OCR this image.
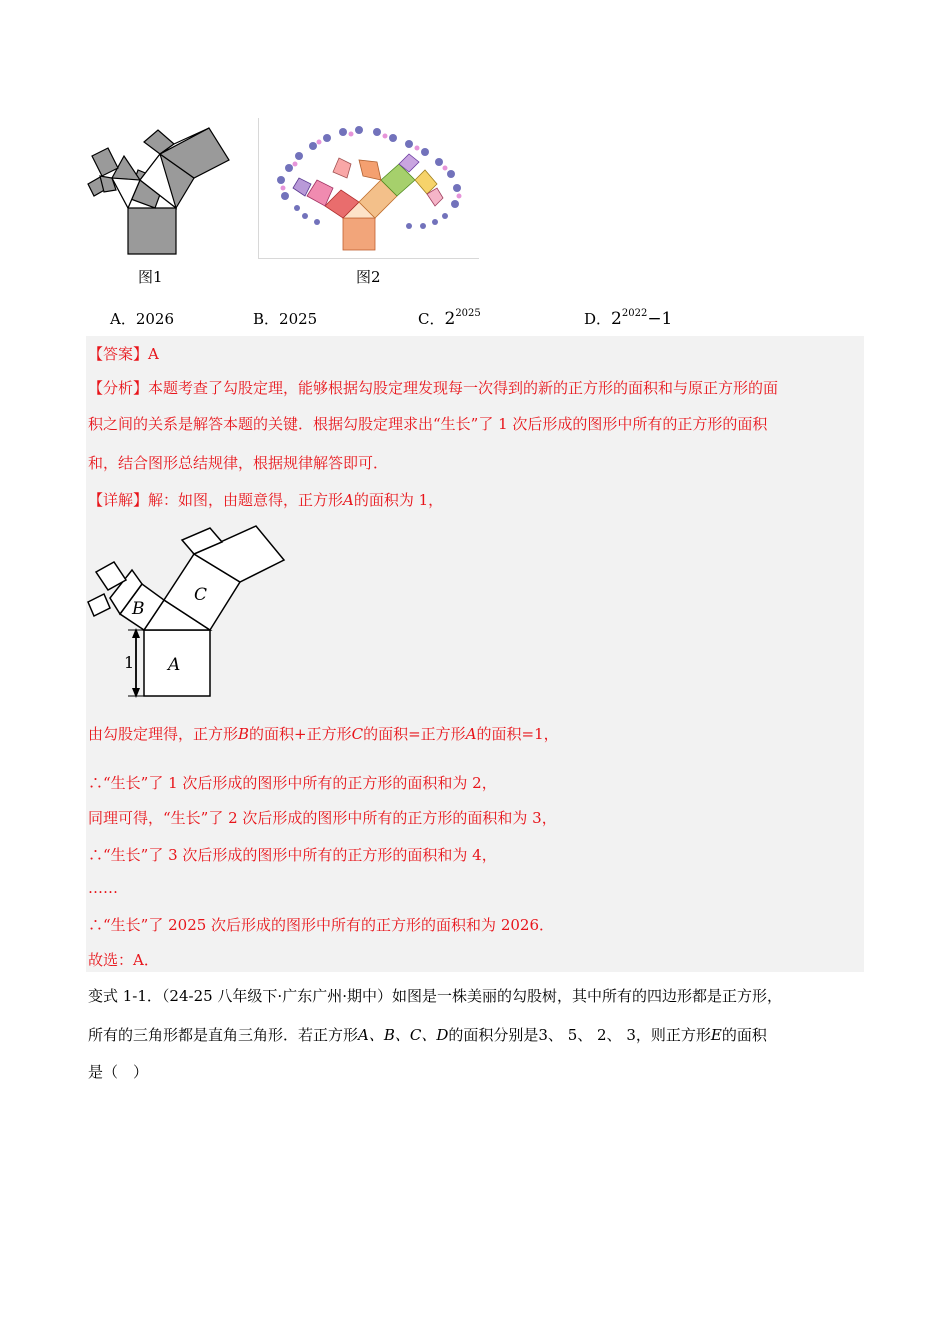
图1	图2
A．2026	B．2025	C．$2^{2025}$	D．$2^{2022}-1$
【答案】A
【分析】本题考查了勾股定理，能够根据勾股定理发现每一次得到的新的正方形的面积和与原正方形的面
积之间的关系是解答本题的关键．根据勾股定理求出“生长”了 1 次后形成的图形中所有的正方形的面积
和，结合图形总结规律，根据规律解答即可．
【详解】解：如图，由题意得，正方形A的面积为 1，
A
B
C
1
由勾股定理得，正方形B的面积+正方形C的面积=正方形A的面积=1，
∴“生长”了 1 次后形成的图形中所有的正方形的面积和为 2，
同理可得，“生长”了 2 次后形成的图形中所有的正方形的面积和为 3，
∴“生长”了 3 次后形成的图形中所有的正方形的面积和为 4，
……
∴“生长”了 2025 次后形成的图形中所有的正方形的面积和为 2026．
故选：A．
变式 1-1．（24-25 八年级下·广东广州·期中）如图是一株美丽的勾股树，其中所有的四边形都是正方形，
所有的三角形都是直角三角形．若正方形A、B、C、D的面积分别是3、 5、 2、 3，则正方形E的面积
是（　）
